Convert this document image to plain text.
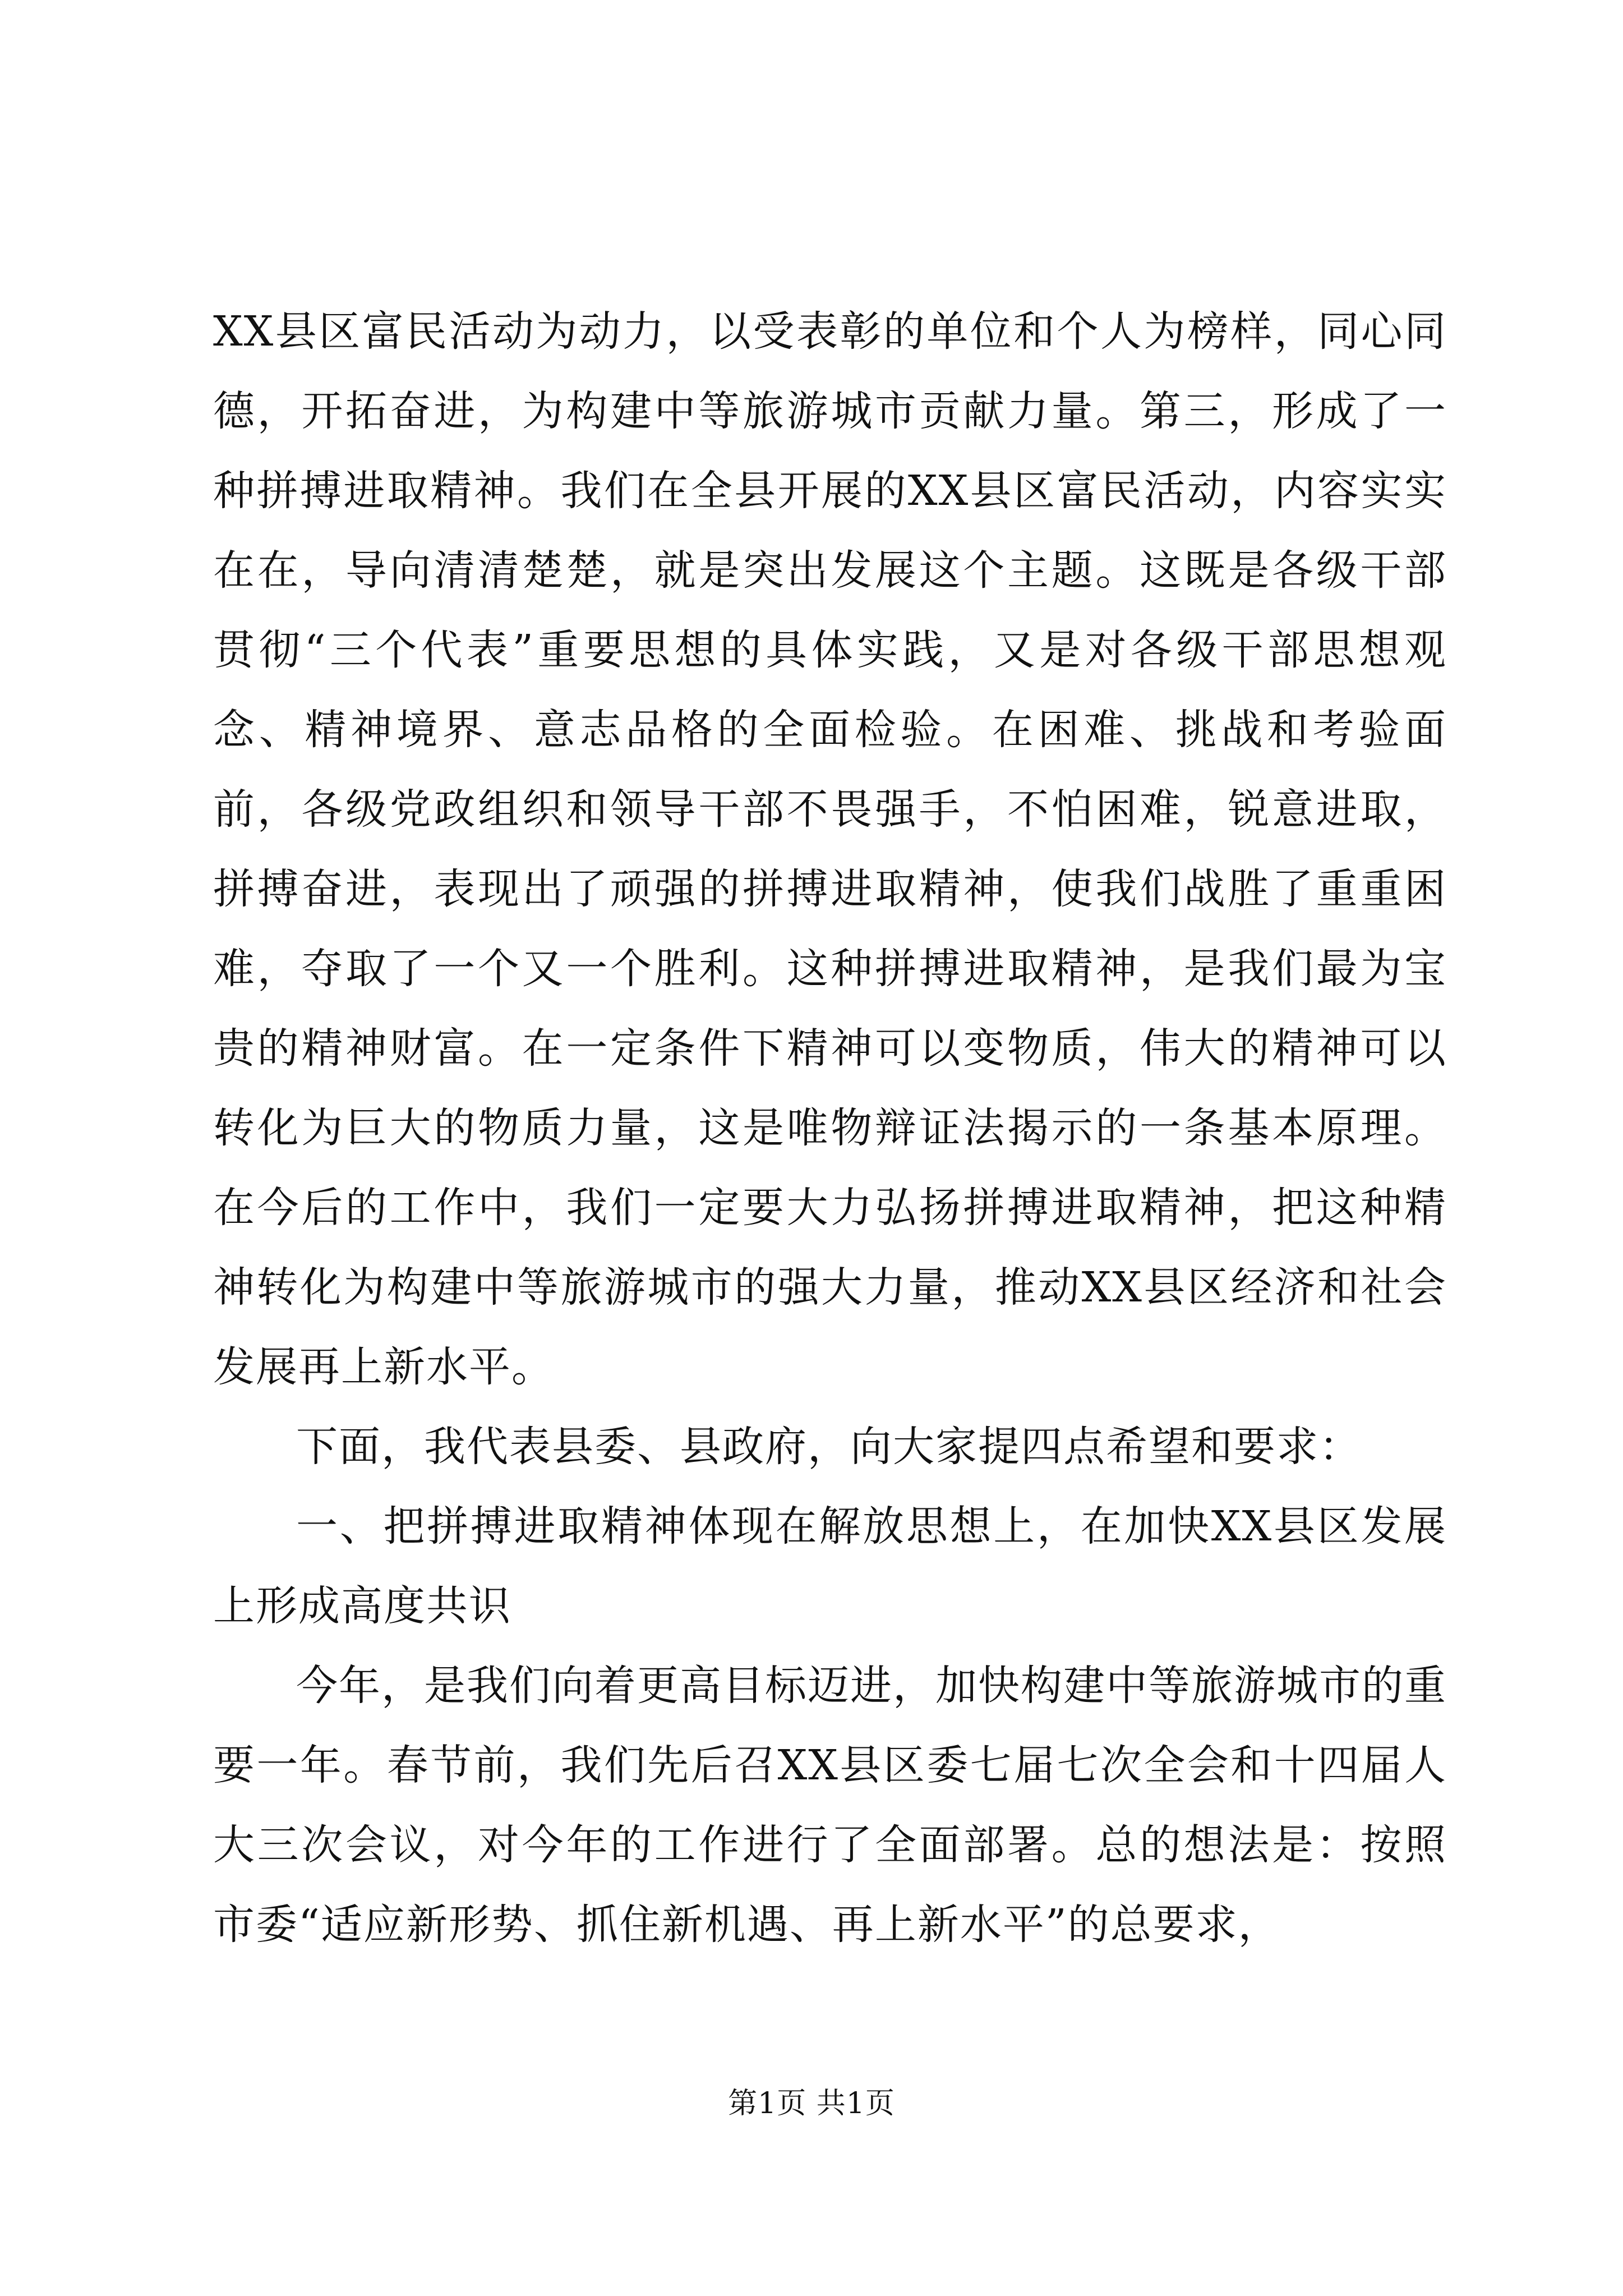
XX县区富民活动为动力，以受表彰的单位和个人为榜样，同心同德，开拓奋进，为构建中等旅游城市贡献力量。第三，形成了一种拼搏进取精神。我们在全县开展的XX县区富民活动，内容实实在在，导向清清楚楚，就是突出发展这个主题。这既是各级干部贯彻“三个代表”重要思想的具体实践，又是对各级干部思想观念、精神境界、意志品格的全面检验。在困难、挑战和考验面前，各级党政组织和领导干部不畏强手，不怕困难，锐意进取，拼搏奋进，表现出了顽强的拼搏进取精神，使我们战胜了重重困难，夺取了一个又一个胜利。这种拼搏进取精神，是我们最为宝贵的精神财富。在一定条件下精神可以变物质，伟大的精神可以转化为巨大的物质力量，这是唯物辩证法揭示的一条基本原理。在今后的工作中，我们一定要大力弘扬拼搏进取精神，把这种精神转化为构建中等旅游城市的强大力量，推动XX县区经济和社会发展再上新水平。

下面，我代表县委、县政府，向大家提四点希望和要求：

一、把拼搏进取精神体现在解放思想上，在加快XX县区发展上形成高度共识

今年，是我们向着更高目标迈进，加快构建中等旅游城市的重要一年。春节前，我们先后召XX县区委七届七次全会和十四届人大三次会议，对今年的工作进行了全面部署。总的想法是：按照市委“适应新形势、抓住新机遇、再上新水平”的总要求，

第1页 共1页
